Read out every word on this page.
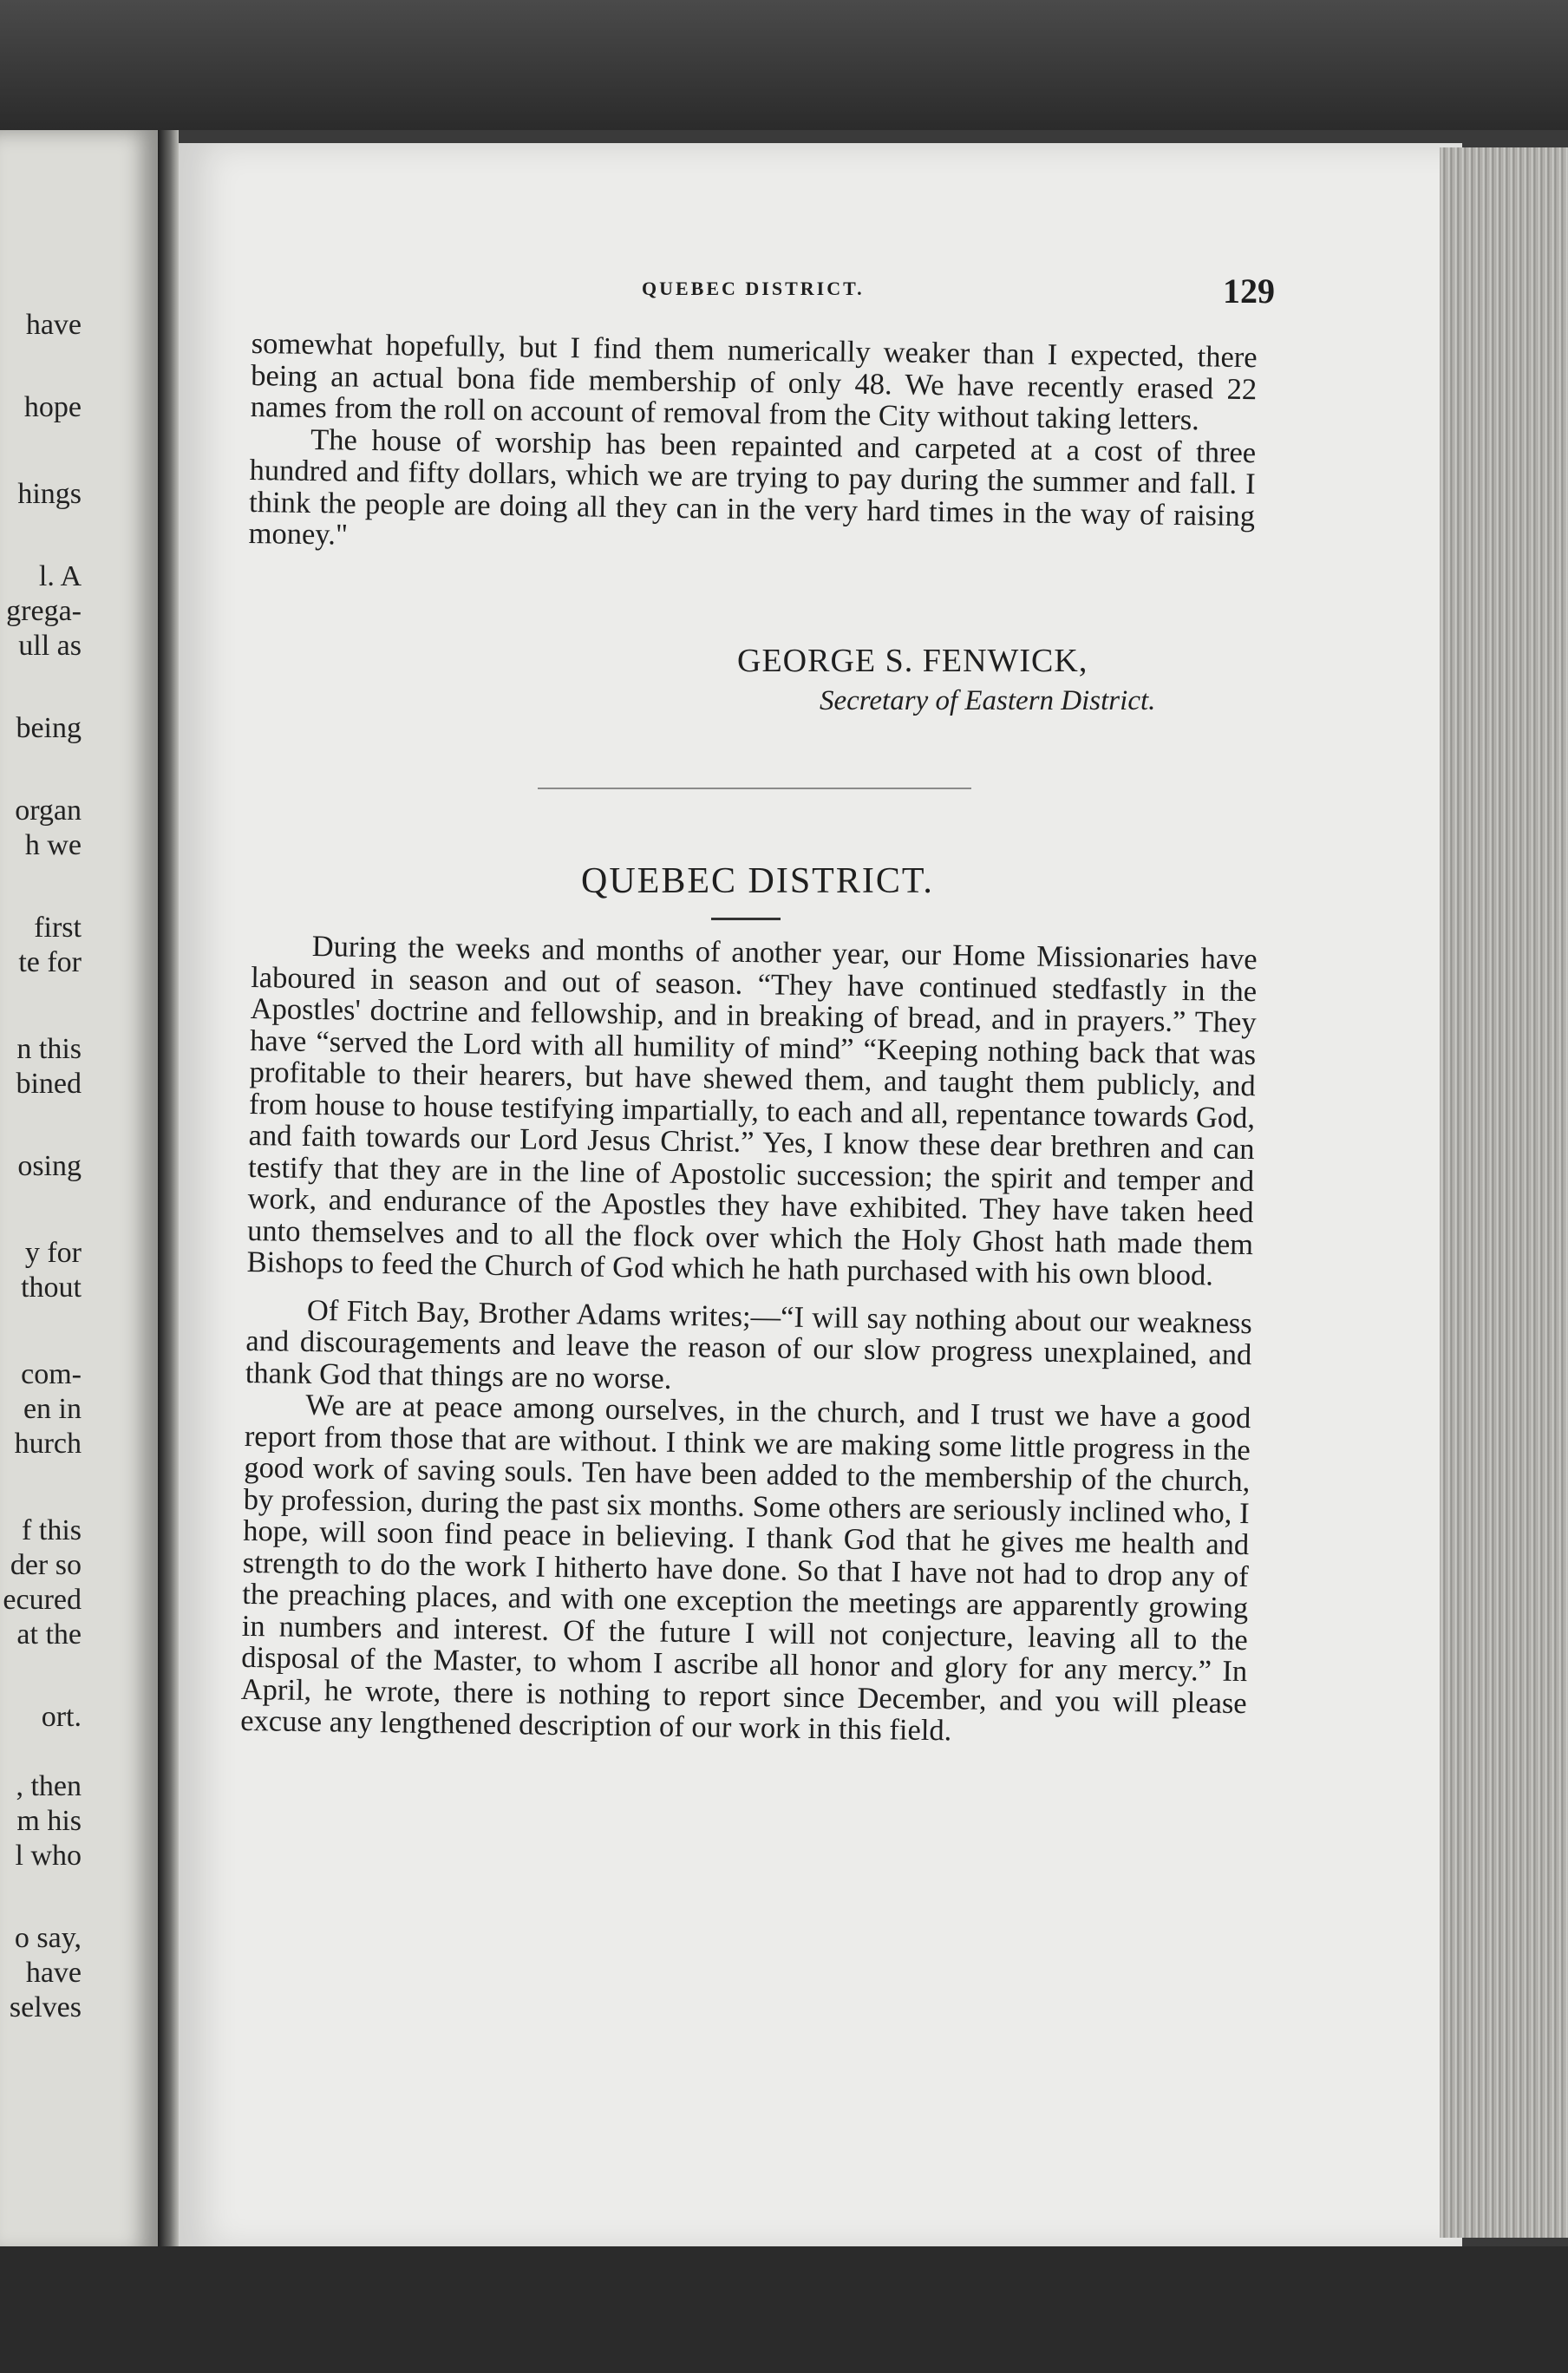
have
hope
hings
l. A
grega-
ull as
being
organ
h we
first
te for
n this
bined
osing
y for
thout
com-
en in
hurch
f this
der so
ecured
at the
ort.
, then
m his
l who
o say,
have
selves
QUEBEC DISTRICT.	129

somewhat hopefully, but I find them numerically weaker than I expected, there being an actual bona fide membership of only 48. We have recently erased 22 names from the roll on account of removal from the City without taking letters.

The house of worship has been repainted and carpeted at a cost of three hundred and fifty dollars, which we are trying to pay during the summer and fall. I think the people are doing all they can in the very hard times in the way of raising money."

GEORGE S. FENWICK,
Secretary of Eastern District.
QUEBEC DISTRICT.

During the weeks and months of another year, our Home Missionaries have laboured in season and out of season. “They have continued stedfastly in the Apostles' doctrine and fellowship, and in breaking of bread, and in prayers.” They have “served the Lord with all humility of mind” “Keeping nothing back that was profitable to their hearers, but have shewed them, and taught them publicly, and from house to house testifying impartially, to each and all, repentance towards God, and faith towards our Lord Jesus Christ.” Yes, I know these dear brethren and can testify that they are in the line of Apostolic succession; the spirit and temper and work, and endurance of the Apostles they have exhibited. They have taken heed unto themselves and to all the flock over which the Holy Ghost hath made them Bishops to feed the Church of God which he hath purchased with his own blood.

Of Fitch Bay, Brother Adams writes;—“I will say nothing about our weakness and discouragements and leave the reason of our slow progress unexplained, and thank God that things are no worse.

We are at peace among ourselves, in the church, and I trust we have a good report from those that are without. I think we are making some little progress in the good work of saving souls. Ten have been added to the membership of the church, by profession, during the past six months. Some others are seriously inclined who, I hope, will soon find peace in believing. I thank God that he gives me health and strength to do the work I hitherto have done. So that I have not had to drop any of the preaching places, and with one exception the meetings are apparently growing in numbers and interest. Of the future I will not conjecture, leaving all to the disposal of the Master, to whom I ascribe all honor and glory for any mercy.” In April, he wrote, there is nothing to report since December, and you will please excuse any lengthened description of our work in this field.
